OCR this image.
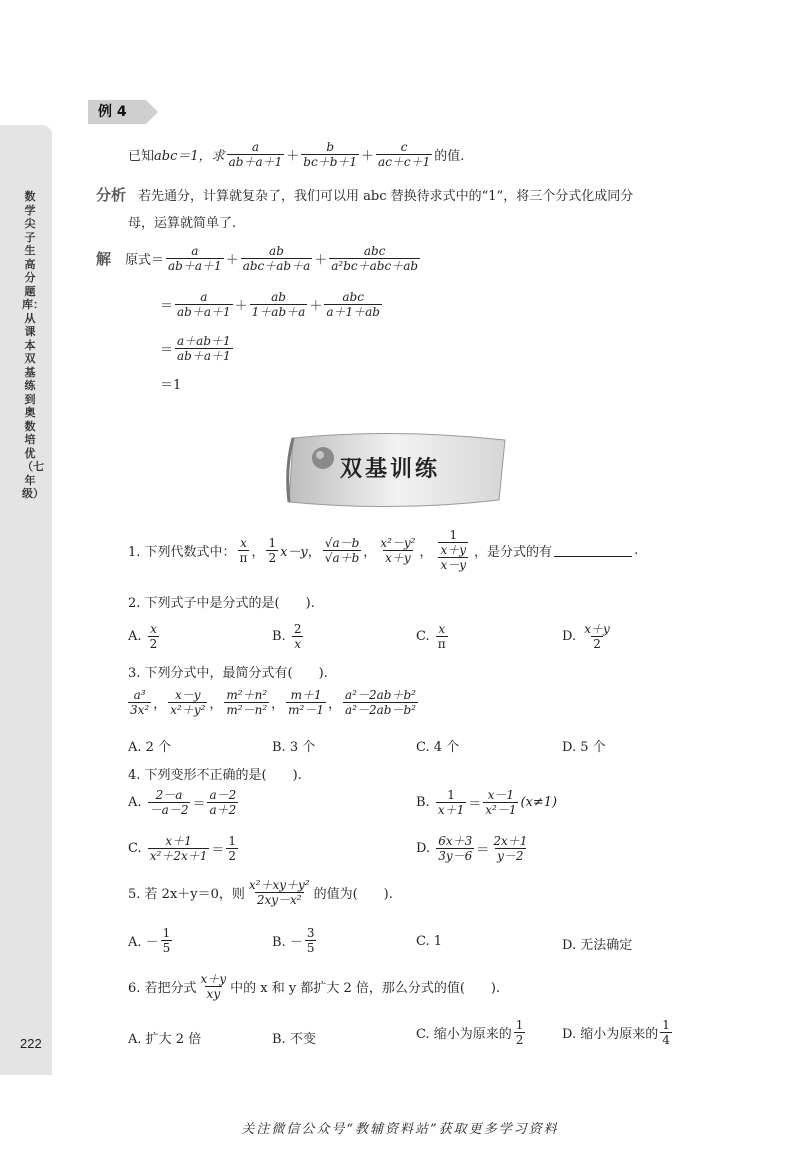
数学尖子生高分题库：从课本双基练到奥数培优（七年级）
222
例 4
已知 abc＝1，求 $\frac{a}{ab+a+1} + \frac{b}{bc+b+1} + \frac{c}{ac+c+1}$ 的值.
分析 若先通分，计算就复杂了，我们可以用 abc 替换待求式中的“1”，将三个分式化成同分
母，运算就简单了.
解 原式＝ $\frac{a}{ab+a+1} + \frac{ab}{\text{abc＋ab＋a}} + \frac{\text{abc}}{\text{a²bc＋abc＋ab}}$
＝ $\frac{a}{ab+a+1} + \frac{ab}{1+ab+a} + \frac{\text{abc}}{a+1+ab}$
＝ $\frac{a+ab+1}{ab+a+1}$
＝1
双基训练
1. 下列代数式中： $\frac{x}{\pi}$ ， $\frac{1}{2} x-y$ ， $\frac{√a-b}{√a+b}$ ， $\frac{\text{x²－y²}}{x+y}$ ， $\frac{\frac{1}{x+y}}{x-y}$ ，是分式的有	.
2. 下列式子中是分式的是(　　).
A.
$\frac{x}{2}$	B.
$\frac{2}{x}$	C.
$\frac{x}{\pi}$	D.
$\frac{x+y}{2}$
3. 下列分式中，最简分式有(　　).
$\frac{\text{a³}}{\text{3x²}}$ ， $\frac{x-y}{\text{x²＋y²}}$ ， $\frac{\text{m²＋n²}}{\text{m²－n²}}$ ， $\frac{m+1}{\text{m²－1}}$ ， $\frac{\text{a²－2ab＋b²}}{\text{a²－2ab－b²}}$
A. 2 个	B. 3 个	C. 4 个	D. 5 个
4. 下列变形不正确的是(　　).
A.
$\frac{2-a}{-a-2} = \frac{a-2}{a+2}$	B.
$\frac{1}{x+1} = \frac{x-1}{\text{x²－1}} (x\ne 1)$
C.
$\frac{x+1}{\text{x²＋2x＋1}} = \frac{1}{2}$	D.
$\frac{6x+3}{3y-6} = \frac{2x+1}{y-2}$
5. 若 2x＋y＝0，则 $\frac{\text{x²＋xy＋y²}}{\text{2xy－x²}}$ 的值为(　　).
A. － $\frac{1}{5}$	B. － $\frac{3}{5}$	C. 1	D. 无法确定
6. 若把分式 $\frac{x+y}{xy}$ 中的 x 和 y 都扩大 2 倍，那么分式的值(　　).
A. 扩大 2 倍	B. 不变	C. 缩小为原来的 $\frac{1}{2}$	D. 缩小为原来的 $\frac{1}{4}$
关注微信公众号“教辅资料站”获取更多学习资料
